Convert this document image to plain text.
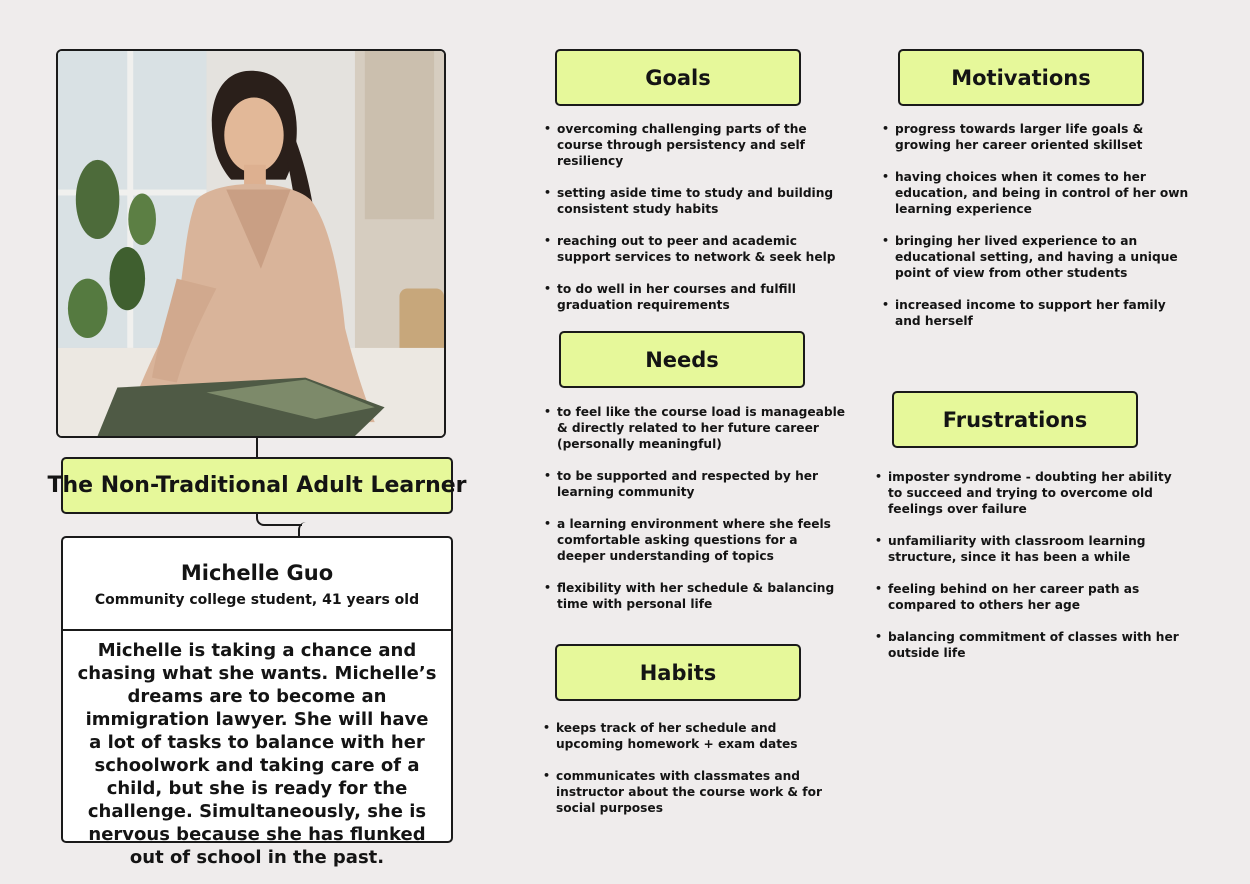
The Non-Traditional Adult Learner
Michelle Guo
Community college student, 41 years old
Michelle is taking a chance and chasing what she wants. Michelle’s dreams are to become an immigration lawyer. She will have a lot of tasks to balance with her schoolwork and taking care of a child, but she is ready for the challenge. Simultaneously, she is nervous because she has flunked out of school in the past.
Goals
• overcoming challenging parts of the course through persistency and self resiliency
• setting aside time to study and building consistent study habits
• reaching out to peer and academic support services to network & seek help
• to do well in her courses and fulfill graduation requirements
Needs
• to feel like the course load is manageable & directly related to her future career (personally meaningful)
• to be supported and respected by her learning community
• a learning environment where she feels comfortable asking questions for a deeper understanding of topics
• flexibility with her schedule & balancing time with personal life
Habits
• keeps track of her schedule and upcoming homework + exam dates
• communicates with classmates and instructor about the course work & for social purposes
Motivations
• progress towards larger life goals & growing her career oriented skillset
• having choices when it comes to her education, and being in control of her own learning experience
• bringing her lived experience to an educational setting, and having a unique point of view from other students
• increased income to support her family and herself
Frustrations
• imposter syndrome - doubting her ability to succeed and trying to overcome old feelings over failure
• unfamiliarity with classroom learning structure, since it has been a while
• feeling behind on her career path as compared to others her age
• balancing commitment of classes with her outside life
